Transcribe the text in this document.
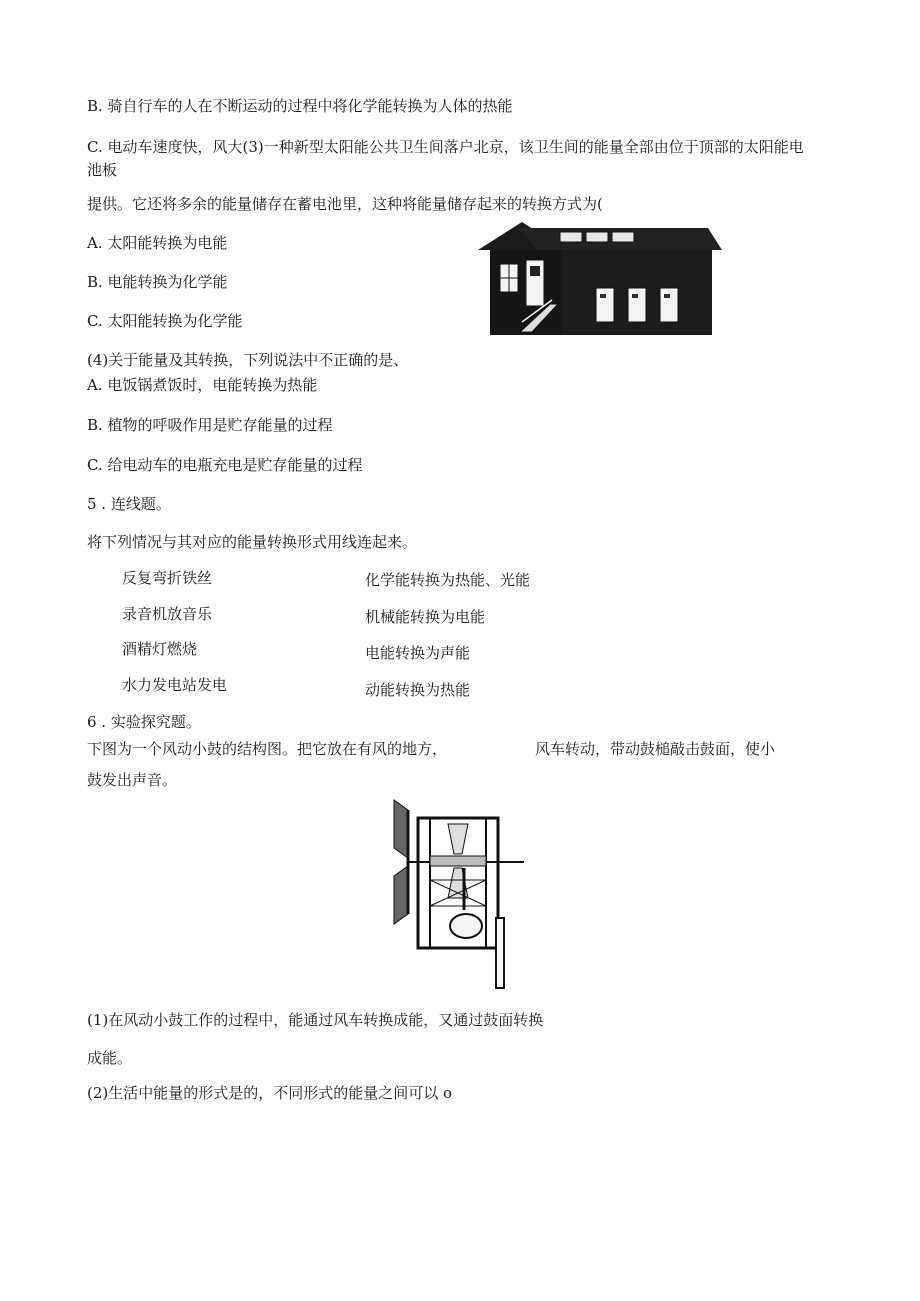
B. 骑自行车的人在不断运动的过程中将化学能转换为人体的热能
C. 电动车速度快，风大(3)一种新型太阳能公共卫生间落户北京，该卫生间的能量全部由位于顶部的太阳能电
池板
提供。它还将多余的能量储存在蓄电池里，这种将能量储存起来的转换方式为(
A. 太阳能转换为电能
B. 电能转换为化学能
C. 太阳能转换为化学能
(4)关于能量及其转换，下列说法中不正确的是、
A. 电饭锅煮饭时，电能转换为热能
B. 植物的呼吸作用是贮存能量的过程
C. 给电动车的电瓶充电是贮存能量的过程
5 . 连线题。
将下列情况与其对应的能量转换形式用线连起来。
反复弯折铁丝
录音机放音乐
酒精灯燃烧
水力发电站发电
化学能转换为热能、光能
机械能转换为电能
电能转换为声能
动能转换为热能
6 . 实验探究题。
下图为一个风动小鼓的结构图。把它放在有风的地方，	风车转动，带动鼓槌敲击鼓面，使小
鼓发出声音。
(1)在风动小鼓工作的过程中，能通过风车转换成能，又通过鼓面转换
成能。
(2)生活中能量的形式是的，不同形式的能量之间可以 o
